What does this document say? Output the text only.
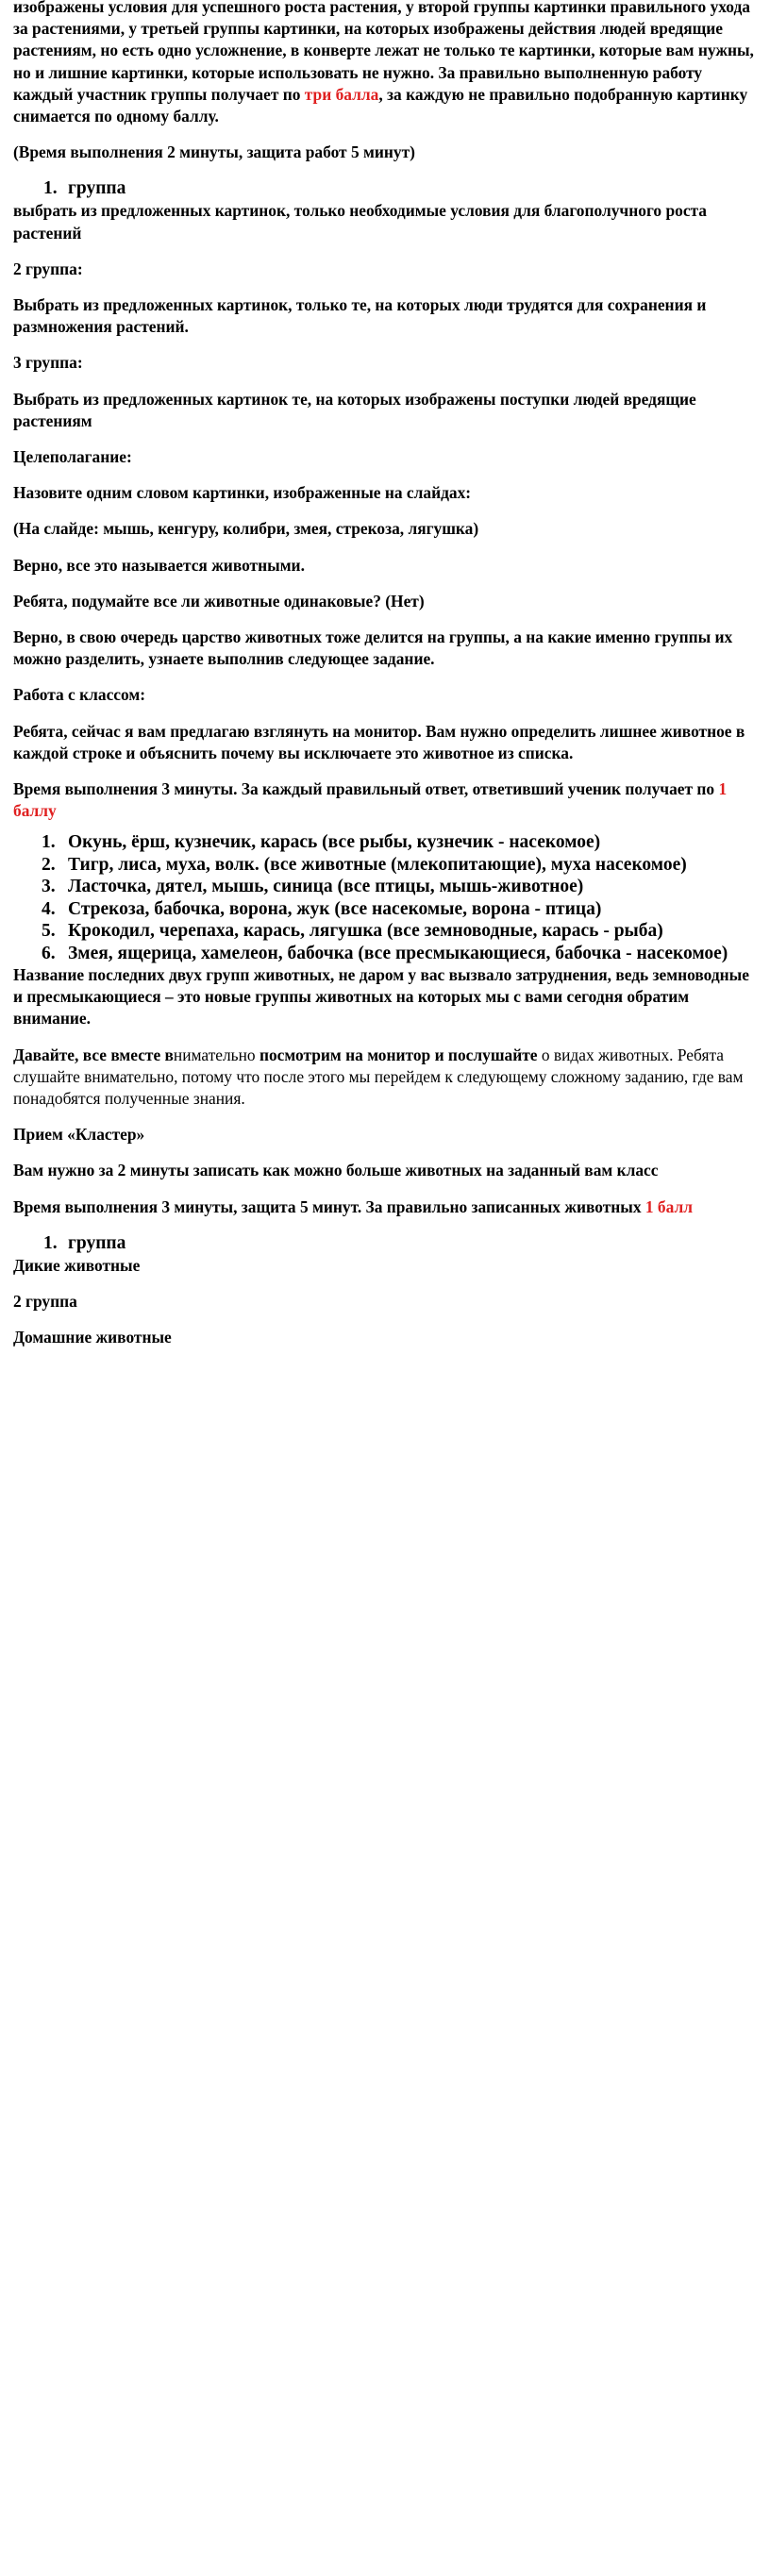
изображены условия для успешного роста растения, у второй группы картинки правильного ухода за растениями, у третьей группы картинки, на которых изображены действия людей вредящие растениям, но есть одно усложнение, в конверте лежат не только те картинки, которые вам нужны, но и лишние картинки, которые использовать не нужно. За правильно выполненную работу каждый участник группы получает по три балла, за каждую не правильно подобранную картинку снимается по одному баллу.

(Время выполнения 2 минуты, защита работ 5 минут)

1. группа

выбрать из предложенных картинок, только необходимые условия для благополучного роста растений

2 группа:

Выбрать из предложенных картинок, только те, на которых люди трудятся для сохранения и размножения растений.

3 группа:

Выбрать из предложенных картинок те, на которых изображены поступки людей вредящие растениям

Целеполагание:

Назовите одним словом картинки, изображенные на слайдах:

(На слайде: мышь, кенгуру, колибри, змея, стрекоза, лягушка)

Верно, все это называется животными.

Ребята, подумайте все ли животные одинаковые? (Нет)

Верно, в свою очередь царство животных тоже делится на группы, а на какие именно группы их можно разделить, узнаете выполнив следующее задание.

Работа с классом:

Ребята, сейчас я вам предлагаю взглянуть на монитор. Вам нужно определить лишнее животное в каждой строке и объяснить почему вы исключаете это животное из списка.

Время выполнения 3 минуты. За каждый правильный ответ, ответивший ученик получает по 1 баллу

1. Окунь, ёрш, кузнечик, карась (все рыбы, кузнечик - насекомое)
2. Тигр, лиса, муха, волк. (все животные (млекопитающие), муха насекомое)
3. Ласточка, дятел, мышь, синица (все птицы, мышь-животное)
4. Стрекоза, бабочка, ворона, жук (все насекомые, ворона - птица)
5. Крокодил, черепаха, карась, лягушка (все земноводные, карась - рыба)
6. Змея, ящерица, хамелеон, бабочка (все пресмыкающиеся, бабочка - насекомое)

Название последних двух групп животных, не даром у вас вызвало затруднения, ведь земноводные и пресмыкающиеся – это новые группы животных на которых мы с вами сегодня обратим внимание.

Давайте, все вместе внимательно посмотрим на монитор и послушайте о видах животных. Ребята слушайте внимательно, потому что после этого мы перейдем к следующему сложному заданию, где вам понадобятся полученные знания.

Прием «Кластер»

Вам нужно за 2 минуты записать как можно больше животных на заданный вам класс

Время выполнения 3 минуты, защита 5 минут. За правильно записанных животных 1 балл

1. группа

Дикие животные

2 группа

Домашние животные
